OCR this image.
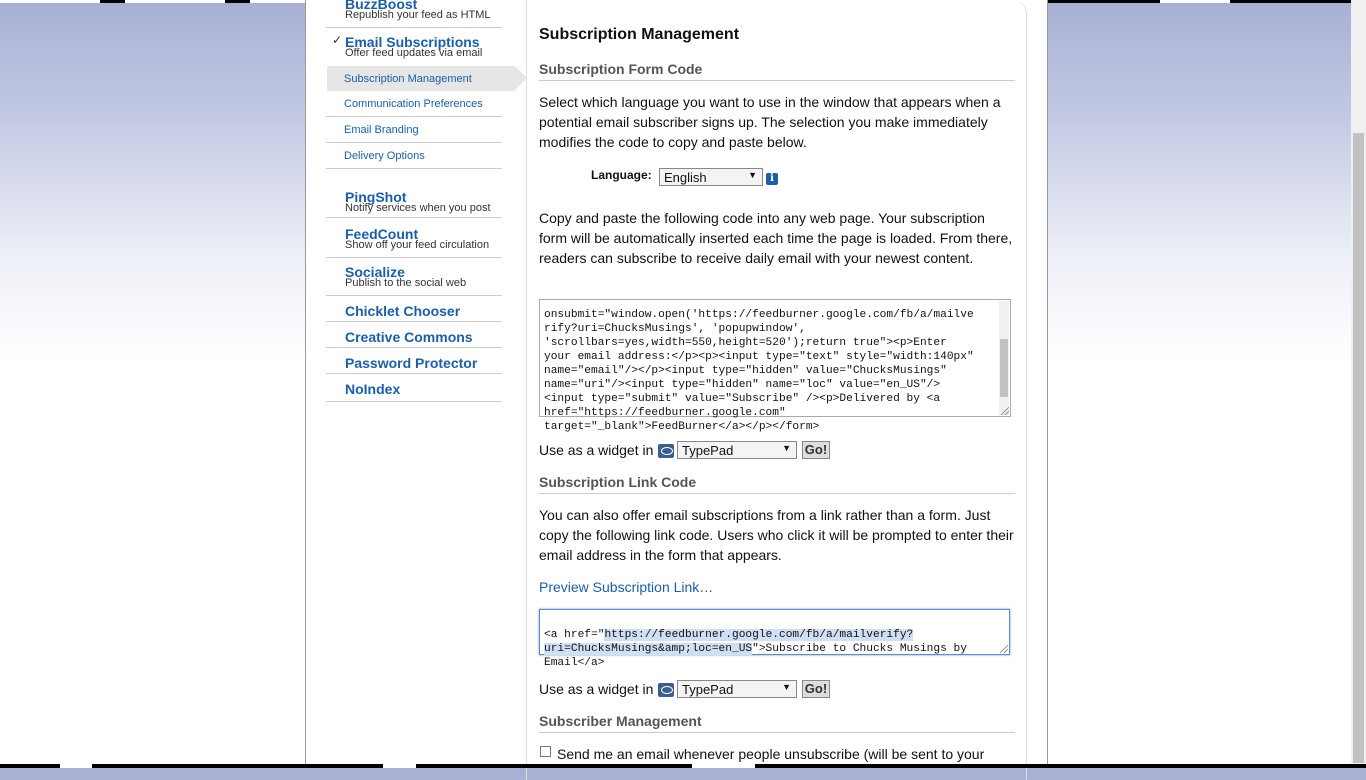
BuzzBoost
Republish your feed as HTML
✓ Email Subscriptions
Offer feed updates via email
Subscription Management
Communication Preferences
Email Branding
Delivery Options
PingShot
Notify services when you post
FeedCount
Show off your feed circulation
Socialize
Publish to the social web
Chicklet Chooser
Creative Commons
Password Protector
NoIndex
Subscription Management
Subscription Form Code
Select which language you want to use in the window that appears when a potential email subscriber signs up. The selection you make immediately modifies the code to copy and paste below.
Language: English	▼	i
Copy and paste the following code into any web page. Your subscription form will be automatically inserted each time the page is loaded. From there, readers can subscribe to receive daily email with your newest content.

onsubmit="window.open('https://feedburner.google.com/fb/a/mailve
rify?uri=ChucksMusings', 'popupwindow',
'scrollbars=yes,width=550,height=520');return true"><p>Enter
your email address:</p><p><input type="text" style="width:140px"
name="email"/></p><input type="hidden" value="ChucksMusings"
name="uri"/><input type="hidden" name="loc" value="en_US"/>
<input type="submit" value="Subscribe" /><p>Delivered by <a
href="https://feedburner.google.com"
target="_blank">FeedBurner</a></p></form>

Use as a widget in	TypePad	▼ Go!
Subscription Link Code
You can also offer email subscriptions from a link rather than a form. Just copy the following link code. Users who click it will be prompted to enter their email address in the form that appears.
Preview Subscription Link…

<a href="https://feedburner.google.com/fb/a/mailverify?
uri=ChucksMusings&amp;loc=en_US">Subscribe to Chucks Musings by
Email</a>

Use as a widget in	TypePad	▼ Go!
Subscriber Management
Send me an email whenever people unsubscribe (will be sent to your
